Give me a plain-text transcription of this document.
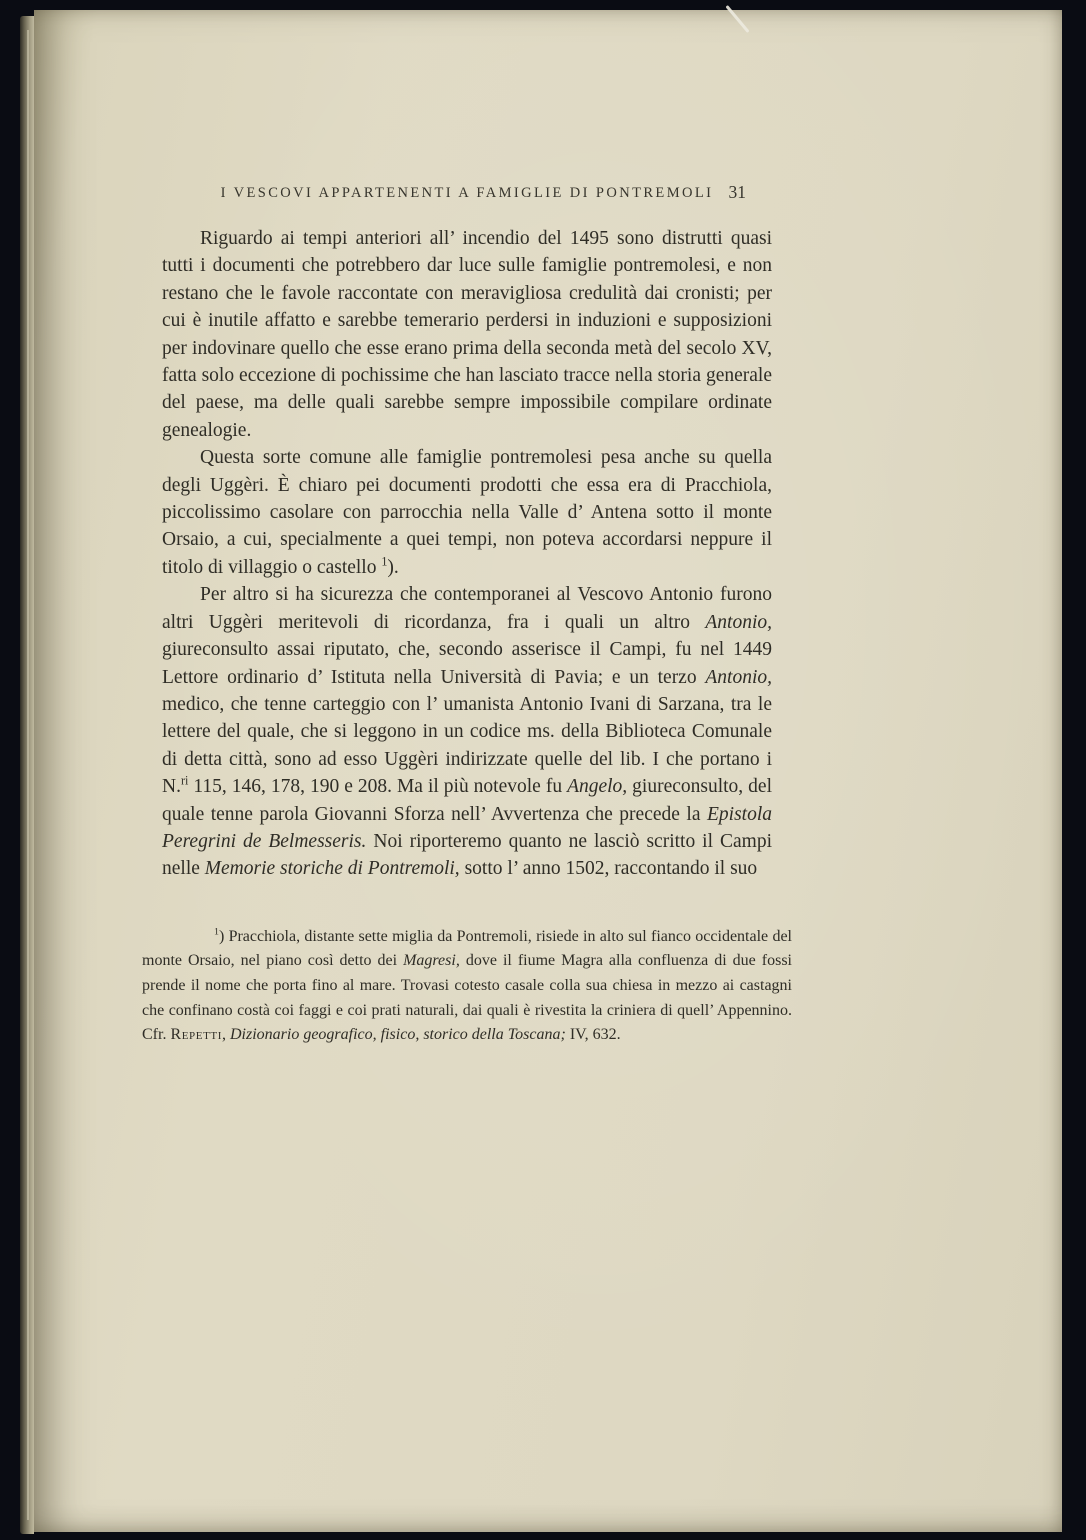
I VESCOVI APPARTENENTI A FAMIGLIE DI PONTREMOLI 31

Riguardo ai tempi anteriori all’ incendio del 1495 sono distrutti quasi tutti i documenti che potrebbero dar luce sulle famiglie pontremolesi, e non restano che le favole raccontate con meravigliosa credulità dai cronisti; per cui è inutile affatto e sarebbe temerario perdersi in induzioni e supposizioni per indovinare quello che esse erano prima della seconda metà del secolo XV, fatta solo eccezione di pochissime che han lasciato tracce nella storia generale del paese, ma delle quali sarebbe sempre impossibile compilare ordinate genealogie.

Questa sorte comune alle famiglie pontremolesi pesa anche su quella degli Uggèri. È chiaro pei documenti prodotti che essa era di Pracchiola, piccolissimo casolare con parrocchia nella Valle d’ Antena sotto il monte Orsaio, a cui, specialmente a quei tempi, non poteva accordarsi neppure il titolo di villaggio o castello $^1$).

Per altro si ha sicurezza che contemporanei al Vescovo Antonio furono altri Uggèri meritevoli di ricordanza, fra i quali un altro Antonio, giureconsulto assai riputato, che, secondo asserisce il Campi, fu nel 1449 Lettore ordinario d’ Istituta nella Università di Pavia; e un terzo Antonio, medico, che tenne carteggio con l’ umanista Antonio Ivani di Sarzana, tra le lettere del quale, che si leggono in un codice ms. della Biblioteca Comunale di detta città, sono ad esso Uggèri indirizzate quelle del lib. I che portano i N.$^{ri}$ 115, 146, 178, 190 e 208. Ma il più notevole fu Angelo, giureconsulto, del quale tenne parola Giovanni Sforza nell’ Avvertenza che precede la Epistola Peregrini de Belmesseris. Noi riporteremo quanto ne lasciò scritto il Campi nelle Memorie storiche di Pontremoli, sotto l’ anno 1502, raccontando il suo

$^1$) Pracchiola, distante sette miglia da Pontremoli, risiede in alto sul fianco occidentale del monte Orsaio, nel piano così detto dei Magresi, dove il fiume Magra alla confluenza di due fossi prende il nome che porta fino al mare. Trovasi cotesto casale colla sua chiesa in mezzo ai castagni che confinano costà coi faggi e coi prati naturali, dai quali è rivestita la criniera di quell’ Appennino. Cfr. Repetti, Dizionario geografico, fisico, storico della Toscana; IV, 632.
